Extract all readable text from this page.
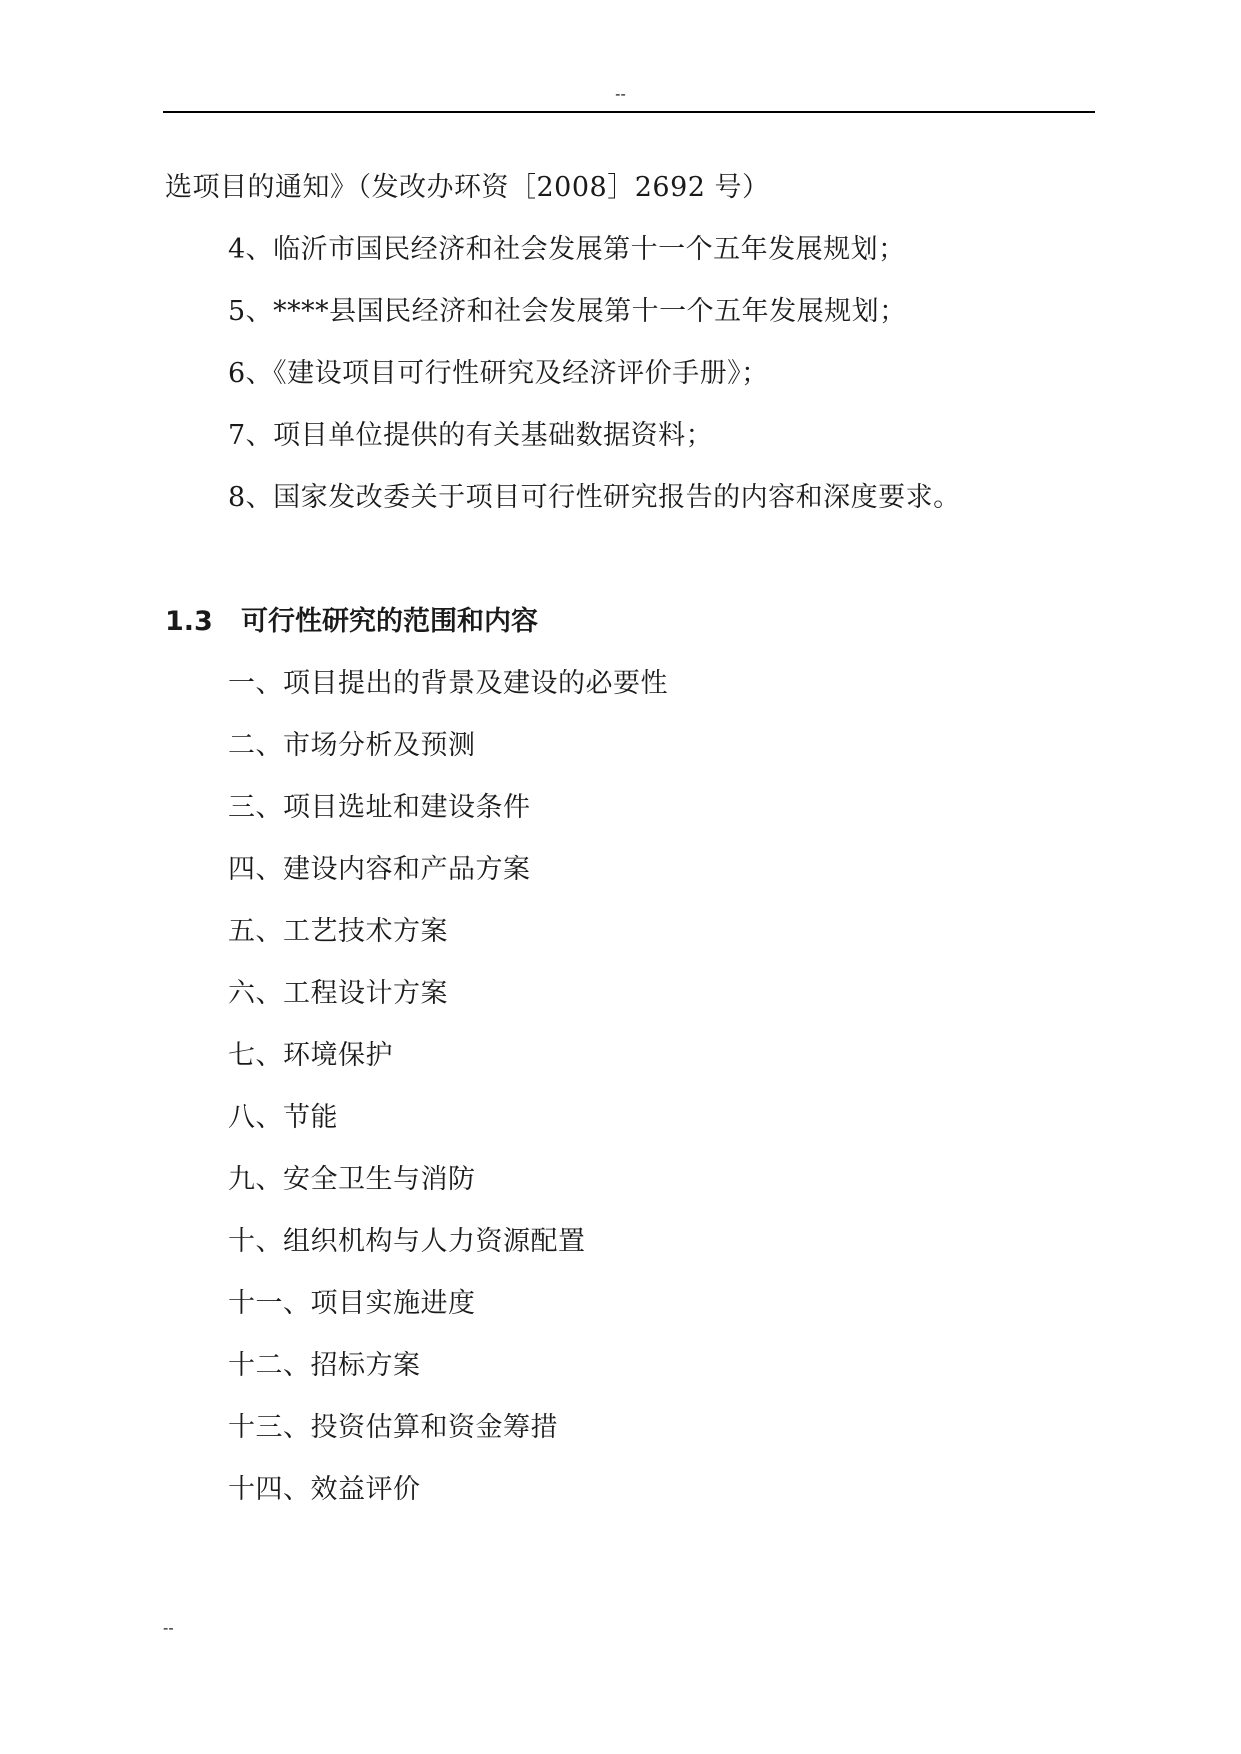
--
选项目的通知》（发改办环资［2008］2692 号）
4、临沂市国民经济和社会发展第十一个五年发展规划；
5、****县国民经济和社会发展第十一个五年发展规划；
6、《建设项目可行性研究及经济评价手册》；
7、项目单位提供的有关基础数据资料；
8、国家发改委关于项目可行性研究报告的内容和深度要求。
1.3 可行性研究的范围和内容
一、项目提出的背景及建设的必要性
二、市场分析及预测
三、项目选址和建设条件
四、建设内容和产品方案
五、工艺技术方案
六、工程设计方案
七、环境保护
八、节能
九、安全卫生与消防
十、组织机构与人力资源配置
十一、项目实施进度
十二、招标方案
十三、投资估算和资金筹措
十四、效益评价
--
